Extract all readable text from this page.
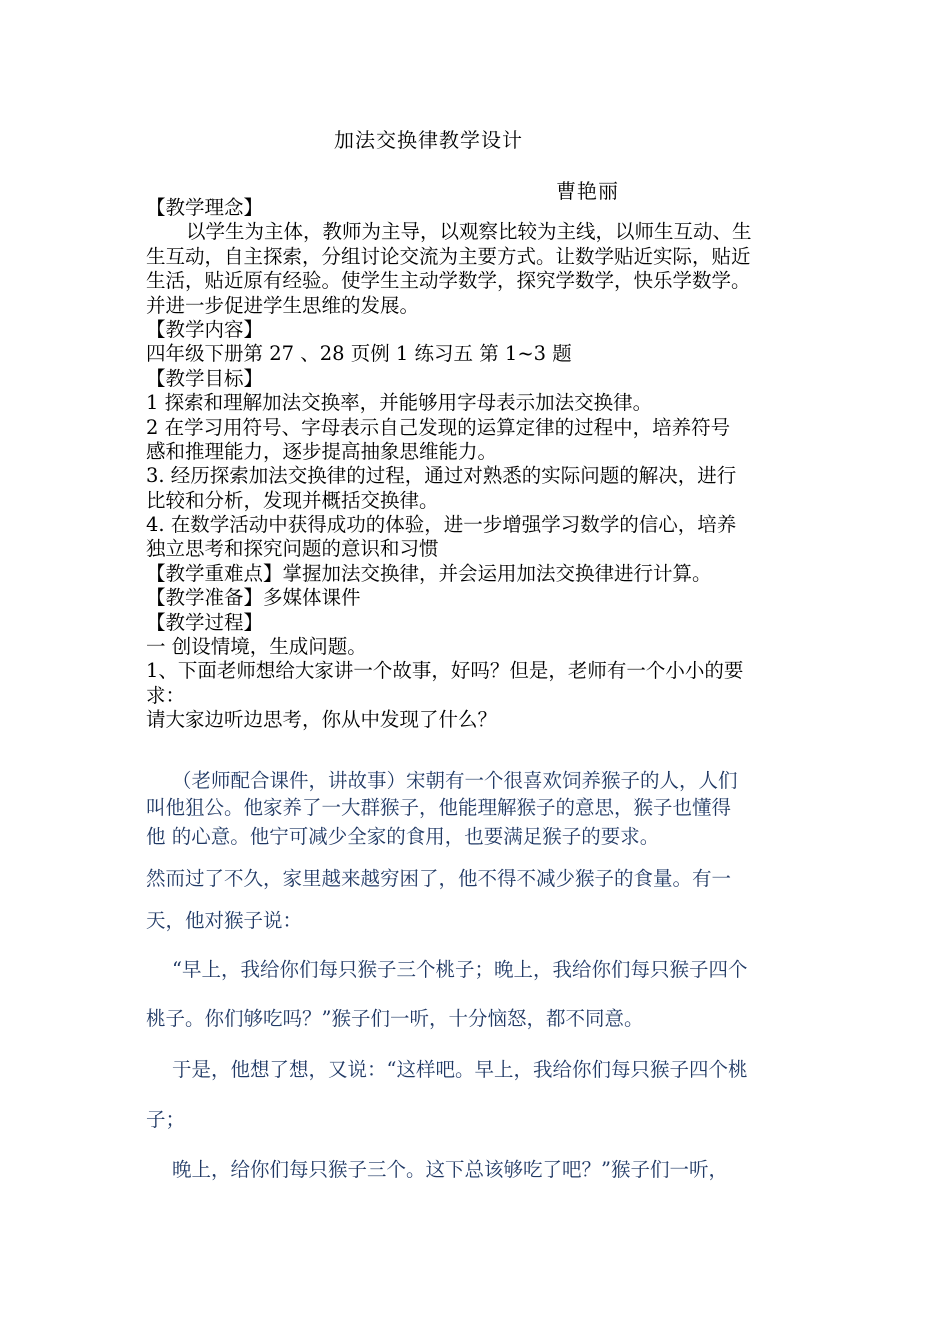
加法交换律教学设计
曹艳丽
【教学理念】
以学生为主体，教师为主导，以观察比较为主线，以师生互动、生
生互动，自主探索，分组讨论交流为主要方式。让数学贴近实际，贴近
生活，贴近原有经验。使学生主动学数学，探究学数学，快乐学数学。
并进一步促进学生思维的发展。
【教学内容】
四年级下册第 27 、28 页例 1 练习五 第 1~3 题
【教学目标】
1 探索和理解加法交换率，并能够用字母表示加法交换律。
2 在学习用符号、字母表示自己发现的运算定律的过程中，培养符号
感和推理能力，逐步提高抽象思维能力。
3. 经历探索加法交换律的过程，通过对熟悉的实际问题的解决，进行
比较和分析，发现并概括交换律。
4. 在数学活动中获得成功的体验，进一步增强学习数学的信心，培养
独立思考和探究问题的意识和习惯
【教学重难点】掌握加法交换律，并会运用加法交换律进行计算。
【教学准备】多媒体课件
【教学过程】
一 创设情境，生成问题。
1、下面老师想给大家讲一个故事，好吗？但是，老师有一个小小的要
求：
请大家边听边思考，你从中发现了什么？
（老师配合课件，讲故事）宋朝有一个很喜欢饲养猴子的人，人们
叫他狙公。他家养了一大群猴子，他能理解猴子的意思，猴子也懂得
他 的心意。他宁可减少全家的食用，也要满足猴子的要求。
然而过了不久，家里越来越穷困了，他不得不减少猴子的食量。有一
天，他对猴子说：
“早上，我给你们每只猴子三个桃子；晚上，我给你们每只猴子四个
桃子。你们够吃吗？”猴子们一听，十分恼怒，都不同意。
于是，他想了想，又说：“这样吧。早上，我给你们每只猴子四个桃
子；
晚上，给你们每只猴子三个。这下总该够吃了吧？”猴子们一听，
